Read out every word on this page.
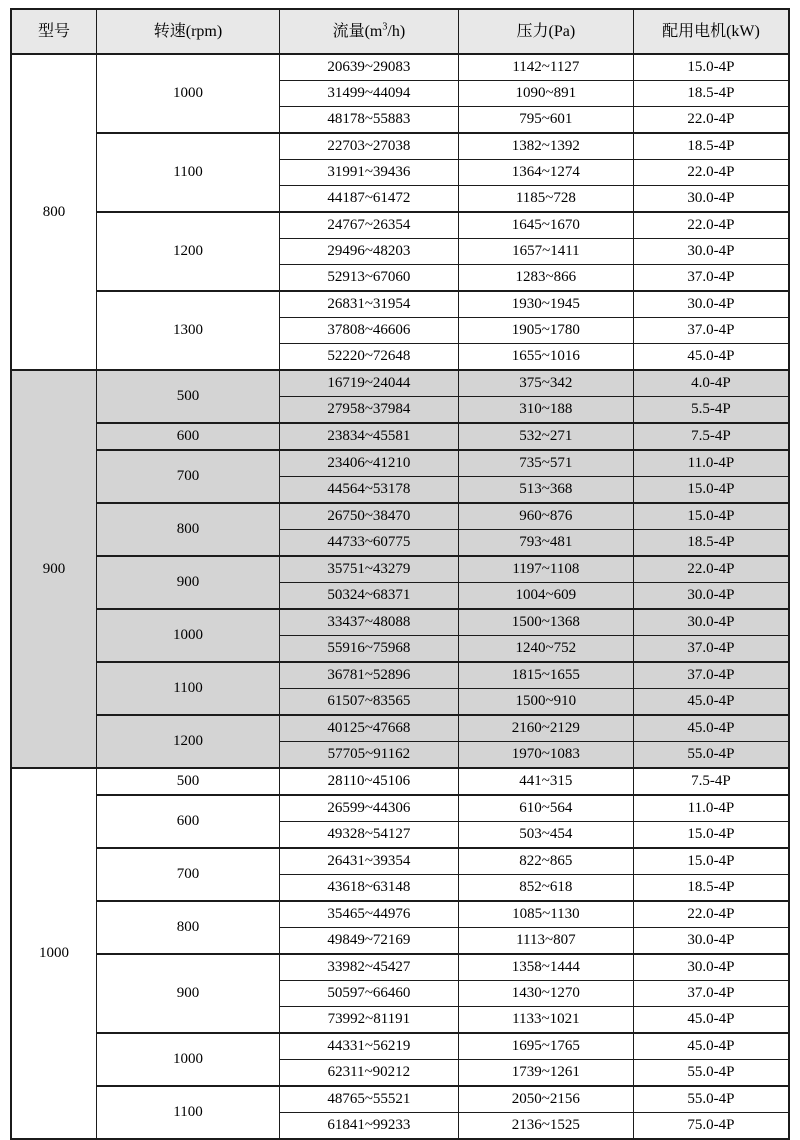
型号	转速(rpm)	流量$(m^3/h)$	压力(Pa)	配用电机(kW)
800	1000	20639~29083	1142~1127	15.0-4P
		31499~44094	1090~891	18.5-4P
		48178~55883	795~601	22.0-4P
	1100	22703~27038	1382~1392	18.5-4P
		31991~39436	1364~1274	22.0-4P
		44187~61472	1185~728	30.0-4P
	1200	24767~26354	1645~1670	22.0-4P
		29496~48203	1657~1411	30.0-4P
		52913~67060	1283~866	37.0-4P
	1300	26831~31954	1930~1945	30.0-4P
		37808~46606	1905~1780	37.0-4P
		52220~72648	1655~1016	45.0-4P
900	500	16719~24044	375~342	4.0-4P
		27958~37984	310~188	5.5-4P
	600	23834~45581	532~271	7.5-4P
	700	23406~41210	735~571	11.0-4P
		44564~53178	513~368	15.0-4P
	800	26750~38470	960~876	15.0-4P
		44733~60775	793~481	18.5-4P
	900	35751~43279	1197~1108	22.0-4P
		50324~68371	1004~609	30.0-4P
	1000	33437~48088	1500~1368	30.0-4P
		55916~75968	1240~752	37.0-4P
	1100	36781~52896	1815~1655	37.0-4P
		61507~83565	1500~910	45.0-4P
	1200	40125~47668	2160~2129	45.0-4P
		57705~91162	1970~1083	55.0-4P
1000	500	28110~45106	441~315	7.5-4P
	600	26599~44306	610~564	11.0-4P
		49328~54127	503~454	15.0-4P
	700	26431~39354	822~865	15.0-4P
		43618~63148	852~618	18.5-4P
	800	35465~44976	1085~1130	22.0-4P
		49849~72169	1113~807	30.0-4P
	900	33982~45427	1358~1444	30.0-4P
		50597~66460	1430~1270	37.0-4P
		73992~81191	1133~1021	45.0-4P
	1000	44331~56219	1695~1765	45.0-4P
		62311~90212	1739~1261	55.0-4P
	1100	48765~55521	2050~2156	55.0-4P
		61841~99233	2136~1525	75.0-4P
